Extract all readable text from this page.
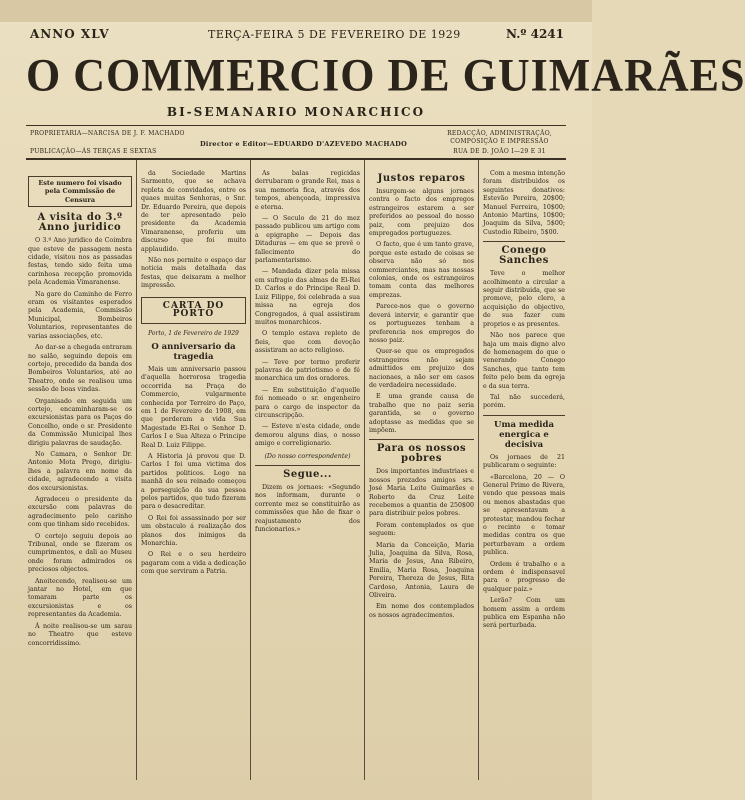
ANNO XLV	TERÇA-FEIRA 5 DE FEVEREIRO DE 1929	N.º 4241
O COMMERCIO DE GUIMARÃES
BI-SEMANARIO MONARCHICO
PROPRIETARIA—NARCISA DE J. F. MACHADO
PUBLICAÇÃO—ÁS TERÇAS E SEXTAS
Director e Editor—EDUARDO D'AZEVEDO MACHADO
REDACÇÃO, ADMINISTRAÇÃO, COMPOSIÇÃO E IMPRESSÃO
RUA DE D. JOÃO I—29 E 31
Este numero foi visado pela Commissão de Censura
A visita do 3.º Anno juridico

O 3.º Ano juridico de Coimbra que esteve de passagem nesta cidade, visitou nos as passadas festas, tendo sido feita uma carinhosa recepção promovida pela Academia Vimaranense.

Na gare do Caminho de Ferro eram os visitantes esperados pela Academia, Commissão Municipal, Bombeiros Voluntarios, representantes de varias associações, etc.

Ao dar-se a chegada entraram no salão, seguindo depois em cortejo, precedido da banda dos Bombeiros Voluntarios, até ao Theatro, onde se realisou uma sessão de boas vindas.

Organisado em seguida um cortejo, encaminharam-se os excursionistas para os Paços do Concelho, onde o sr. Presidente da Commissão Municipal lhes dirigiu palavras de saudação.

No Camara, o Senhor Dr. Antonio Mota Prego, dirigiu-lhes a palavra em nome da cidade, agradecendo a visita dos excursionistas.

Agradeceu o presidente da excursão com palavras de agradecimento pelo carinho com que tinham sido recebidos.

O cortejo seguiu depois ao Tribunal, onde se fizeram os cumprimentos, e dali ao Museu onde foram admirados os preciosos objectos.

Anoitecendo, realisou-se um jantar no Hotel, em que tomaram parte os excursionistas e os representantes da Academia.

Á noite realisou-se um sarau no Theatro que esteve concorridissimo.

da Sociedade Martins Sarmento, que se achava repleta de convidados, entre os quaes muitas Senhoras, o Snr. Dr. Eduardo Pereira, que depois de ter apresentado pelo presidente da Academia Vimaranense, proferiu um discurso que foi muito applaudido.

Não nos permite o espaço dar noticia mais detalhada das festas, que deixaram a melhor impressão.

CARTA DO PORTO
Porto, 1 de Fevereiro de 1929
O anniversario da tragedia

Mais um anniversario passou d'aquella horrorosa tragedia occorrida na Praça do Commercio, vulgarmente conhecida por Terreiro do Paço, em 1 de Fevereiro de 1908, em que perderam a vida Sua Magestade El-Rei o Senhor D. Carlos I e Sua Alteza o Principe Real D. Luiz Filippe.

A Historia já provou que D. Carlos I foi uma victima dos partidos politicos. Logo na manhã do seu reinado começou a perseguição da sua pessoa pelos partidos, que tudo fizeram para o desacreditar.

O Rei foi assassinado por ser um obstaculo á realização dos planos dos inimigos da Monarchia.

O Rei e o seu herdeiro pagaram com a vida a dedicação com que serviram a Patria.

As balas regicidas derrubaram o grande Rei, mas a sua memoria fica, através dos tempos, abençoada, impressiva e eterna.

— O Seculo de 21 do mez passado publicou um artigo com a epigraphe — Depois das Ditaduras — em que se prevê o fallecimento do parlamentarismo.

— Mandada dizer pela missa em sufragio das almas de El-Rei D. Carlos e do Principe Real D. Luiz Filippe, foi celebrada a sua missa na egreja dos Congregados, á qual assistiram muitos monarchicos.

O templo estava repleto de fieis, que com devoção assistiram ao acto religioso.

— Teve por termo proferir palavras de patriotismo e de fé monarchica um dos oradores.

— Em substituição d'aquelle foi nomeado o sr. engenheiro para o cargo de inspector da circunscripção.

— Esteve n'esta cidade, onde demorou alguns dias, o nosso amigo e correligionario.

(Do nosso correspondente)
Segue...

Dizem os jornaes: «Segundo nos informam, durante o corrente mez se constituirão as commissões que hão de fixar o reajustamento dos funcionarios.»

Justos reparos

Insurgem-se alguns jornaes contra o facto dos empregos estrangeiros estarem a ser preferidos ao pessoal do nosso paiz, com prejuizo dos empregados portuguezes.

O facto, que é um tanto grave, porque este estado de coisas se observa não só nos commerciantes, mas nas nossas colonias, onde os estrangeiros tomam conta das melhores emprezas.

Parece-nos que o governo deverá intervir, e garantir que os portuguezes tenham a preferencia nos empregos do nosso paiz.

Quer-se que os empregados estrangeiros não sejam admittidos em prejuizo dos nacionaes, a não ser em casos de verdadeira necessidade.

E uma grande causa de trabalho que no paiz seria garantida, se o governo adoptasse as medidas que se impõem.

Para os nossos pobres

Dos importantes industriaes e nossos prezados amigos srs. José Maria Leite Guimarães e Roberto da Cruz Leite recebemos a quantia de 250$00 para distribuir pelos pobres.

Foram contemplados os que seguem:

Maria da Conceição, Maria Julia, Joaquina da Silva, Rosa, Maria de Jesus, Ana Ribeiro, Emilia, Maria Rosa, Joaquina Pereira, Thereza de Jesus, Rita Cardoso, Antonia, Laura de Oliveira.

Em nome dos contemplados os nossos agradecimentos.

Com a mesma intenção foram distribuidos os seguintes donativos: Estevão Pereira, 20$00; Manuel Ferreira, 10$00; Antonio Martins, 10$00; Joaquim da Silva, 5$00; Custodio Ribeiro, 5$00.

Conego Sanches

Teve o melhor acolhimento a circular a seguir distribuida, que se promove, pelo clero, a acquisição do objectivo, de sua fazer cum proprios e as presentes.

Não nos parece que haja um mais digno alvo de homenagem do que o venerando Conego Sanches, que tanto tem feito pelo bem da egreja e da sua terra.

Tal não succederá, porém.

Uma medida energica e decisiva

Os jornaes de 21 publicaram o seguinte:

«Barcelona, 20 — O General Primo de Rivera, vendo que pessoas mais ou menos abastadas que se apresentavam a protestar, mandou fechar o recinto e tomar medidas contra os que perturbavam a ordem publica.

Ordem é trabalho e a ordem é indispensavel para o progresso de qualquer paiz.»

Lerão? Com um homem assim a ordem publica em Espanha não será perturbada.
